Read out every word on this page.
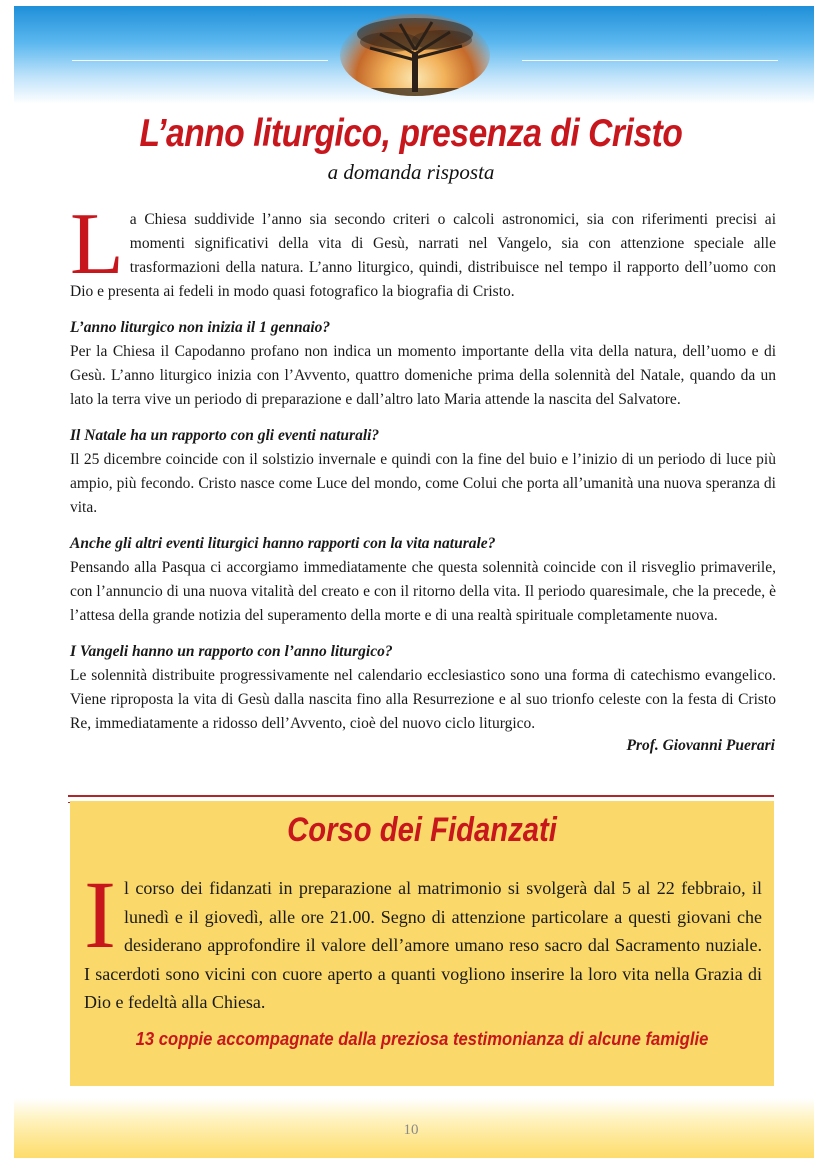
L’anno liturgico, presenza di Cristo
a domanda risposta

La Chiesa suddivide l’anno sia secondo criteri o calcoli astronomici, sia con riferimenti precisi ai momenti significativi della vita di Gesù, narrati nel Vangelo, sia con attenzione speciale alle trasformazioni della natura. L’anno liturgico, quindi, distribuisce nel tempo il rapporto dell’uomo con Dio e presenta ai fedeli in modo quasi fotografico la biografia di Cristo.

L’anno liturgico non inizia il 1 gennaio?

Per la Chiesa il Capodanno profano non indica un momento importante della vita della natura, dell’uomo e di Gesù. L’anno liturgico inizia con l’Avvento, quattro domeniche prima della solennità del Natale, quando da un lato la terra vive un periodo di preparazione e dall’altro lato Maria attende la nascita del Salvatore.

Il Natale ha un rapporto con gli eventi naturali?

Il 25 dicembre coincide con il solstizio invernale e quindi con la fine del buio e l’inizio di un periodo di luce più ampio, più fecondo. Cristo nasce come Luce del mondo, come Colui che porta all’umanità una nuova speranza di vita.

Anche gli altri eventi liturgici hanno rapporti con la vita naturale?

Pensando alla Pasqua ci accorgiamo immediatamente che questa solennità coincide con il risveglio primaverile, con l’annuncio di una nuova vitalità del creato e con il ritorno della vita. Il periodo quaresimale, che la precede, è l’attesa della grande notizia del superamento della morte e di una realtà spirituale completamente nuova.

I Vangeli hanno un rapporto con l’anno liturgico?

Le solennità distribuite progressivamente nel calendario ecclesiastico sono una forma di catechismo evangelico. Viene riproposta la vita di Gesù dalla nascita fino alla Resurrezione e al suo trionfo celeste con la festa di Cristo Re, immediatamente a ridosso dell’Avvento, cioè del nuovo ciclo liturgico.

Prof. Giovanni Puerari
Corso dei Fidanzati
Il corso dei fidanzati in preparazione al matrimonio si svolgerà dal 5 al 22 febbraio, il lunedì e il giovedì, alle ore 21.00. Segno di attenzione particolare a questi giovani che desiderano approfondire il valore dell’amore umano reso sacro dal Sacramento nuziale. I sacerdoti sono vicini con cuore aperto a quanti vogliono inserire la loro vita nella Grazia di Dio e fedeltà alla Chiesa.
13 coppie accompagnate dalla preziosa testimonianza di alcune famiglie
10
